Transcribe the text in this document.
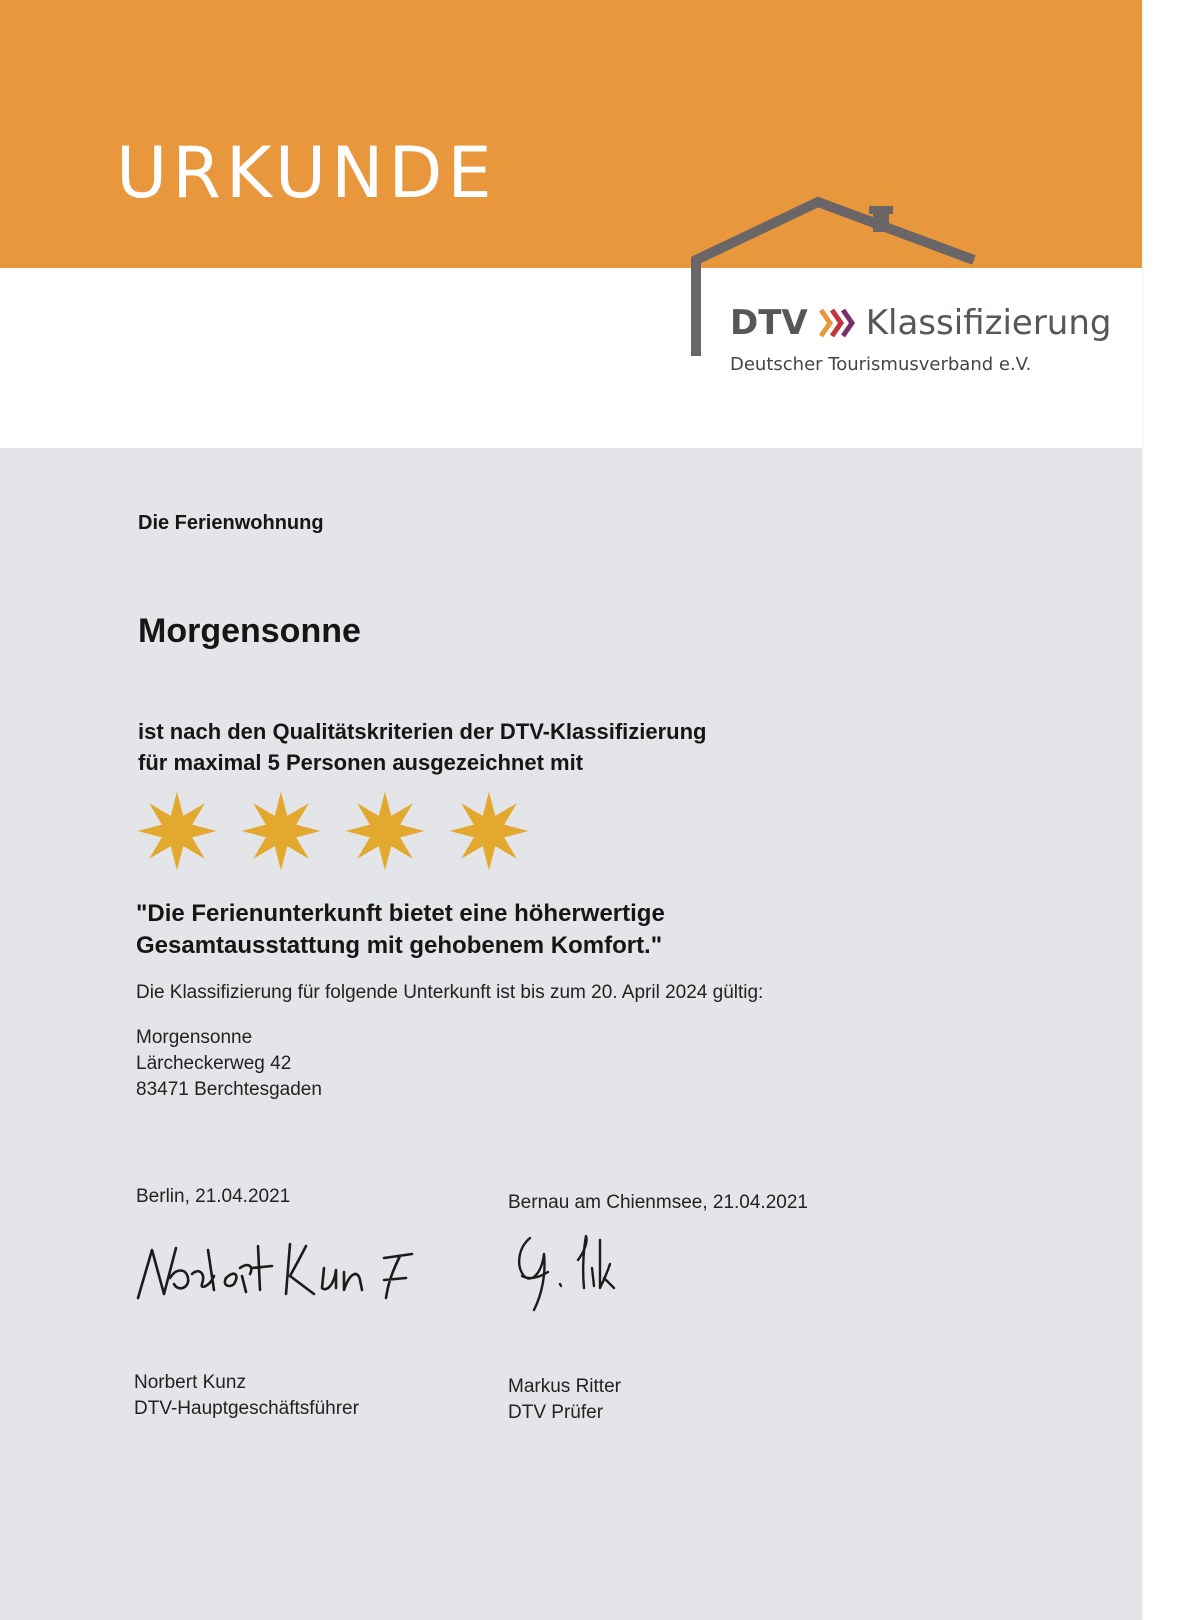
URKUNDE
DTV Klassifizierung
Deutscher Tourismusverband e.V.
Die Ferienwohnung
Morgensonne
ist nach den Qualitätskriterien der DTV-Klassifizierung
für maximal 5 Personen ausgezeichnet mit
"Die Ferienunterkunft bietet eine höherwertige
Gesamtausstattung mit gehobenem Komfort."
Die Klassifizierung für folgende Unterkunft ist bis zum 20. April 2024 gültig:
Morgensonne
Lärcheckerweg 42
83471 Berchtesgaden
Berlin, 21.04.2021	Bernau am Chienmsee, 21.04.2021
Norbert Kunz
DTV-Hauptgeschäftsführer
Markus Ritter
DTV Prüfer
